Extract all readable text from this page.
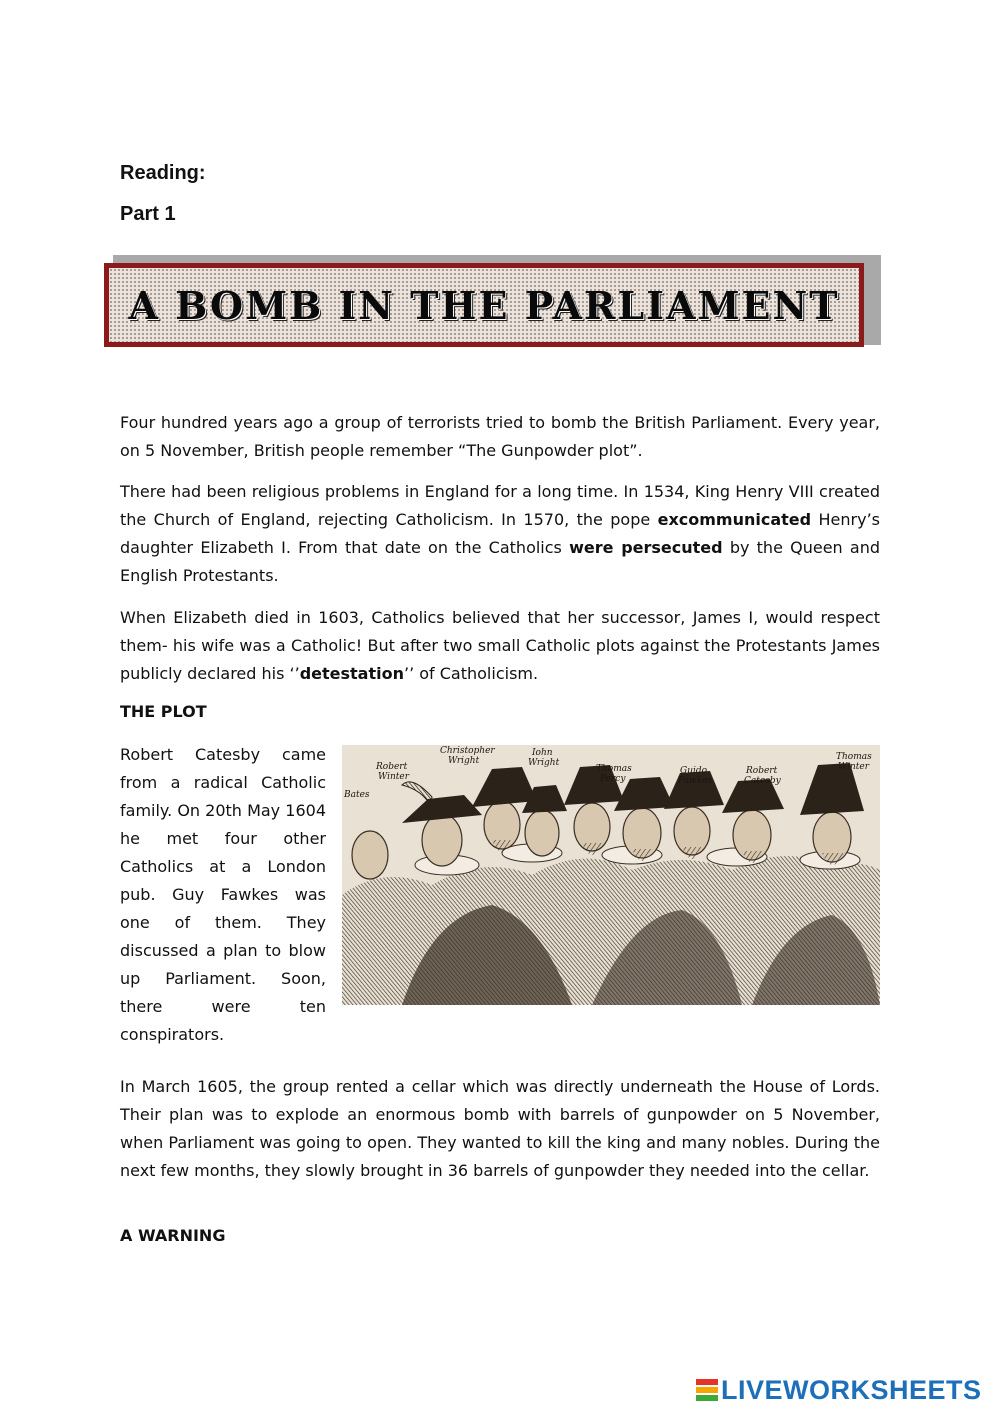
Reading:
Part 1
A BOMB IN THE PARLIAMENT

Four hundred years ago a group of terrorists tried to bomb the British Parliament. Every year, on 5 November, British people remember “The Gunpowder plot”.

There had been religious problems in England for a long time. In 1534, King Henry VIII created the Church of England, rejecting Catholicism. In 1570, the pope excommunicated Henry’s daughter Elizabeth I. From that date on the Catholics were persecuted by the Queen and English Protestants.

When Elizabeth died in 1603, Catholics believed that her successor, James I, would respect them- his wife was a Catholic! But after two small Catholic plots against the Protestants James publicly declared his ‘’detestation’’ of Catholicism.

THE PLOT

Robert Catesby came from a radical Catholic family. On 20th May 1604 he met four other Catholics at a London pub. Guy Fawkes was one of them. They discussed a plan to blow up Parliament. Soon, there were ten conspirators.

Bates
Robert
Winter
Christopher
Wright
Iohn
Wright
Thomas
Percy
Guido
Fawkes
Robert
Catesby
Thomas
Winter

In March 1605, the group rented a cellar which was directly underneath the House of Lords. Their plan was to explode an enormous bomb with barrels of gunpowder on 5 November, when Parliament was going to open. They wanted to kill the king and many nobles. During the next few months, they slowly brought in 36 barrels of gunpowder they needed into the cellar.

A WARNING
LIVEWORKSHEETS
